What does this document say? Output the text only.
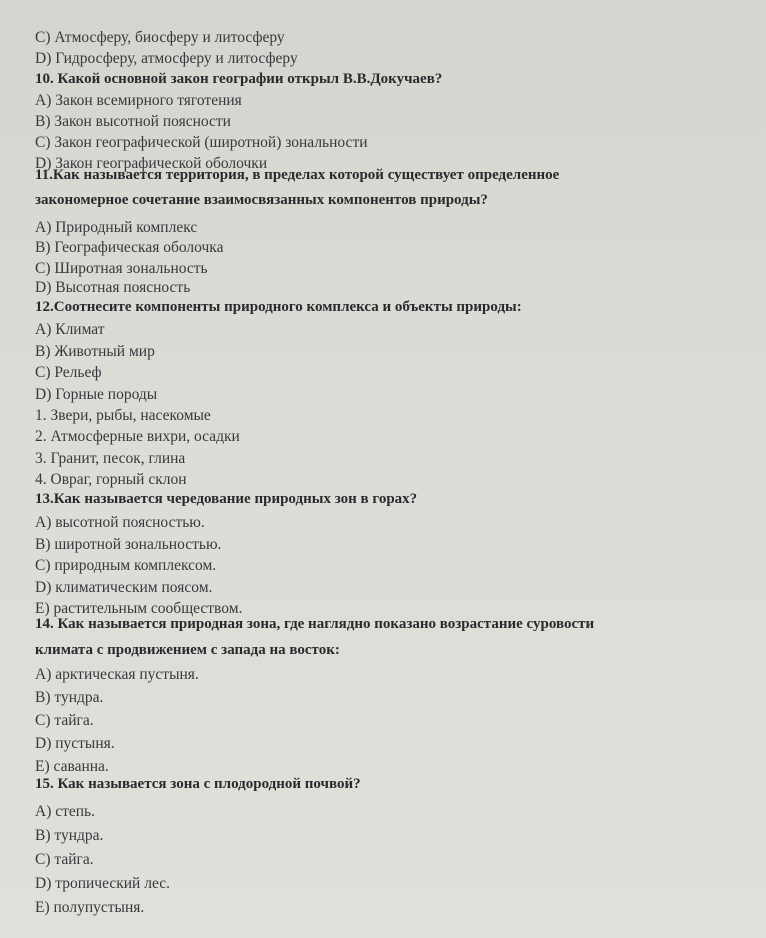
C) Атмосферу, биосферу и литосферу
D) Гидросферу, атмосферу и литосферу
10. Какой основной закон географии открыл В.В.Докучаев?
A) Закон всемирного тяготения
B) Закон высотной поясности
C) Закон географической (широтной) зональности
D) Закон географической оболочки
11.Как называется территория, в пределах которой существует определенное
закономерное сочетание взаимосвязанных компонентов природы?
A) Природный комплекс
B) Географическая оболочка
C) Широтная зональность
D) Высотная поясность
12.Соотнесите компоненты природного комплекса и объекты природы:
A) Климат
B) Животный мир
C) Рельеф
D) Горные породы
1. Звери, рыбы, насекомые
2. Атмосферные вихри, осадки
3. Гранит, песок, глина
4. Овраг, горный склон
13.Как называется чередование природных зон в горах?
A) высотной поясностью.
B) широтной зональностью.
C) природным комплексом.
D) климатическим поясом.
E) растительным сообществом.
14. Как называется природная зона, где наглядно показано возрастание суровости
климата с продвижением с запада на восток:
A) арктическая пустыня.
B) тундра.
C) тайга.
D) пустыня.
E) саванна.
15. Как называется зона с плодородной почвой?
A) степь.
B) тундра.
C) тайга.
D) тропический лес.
E) полупустыня.
